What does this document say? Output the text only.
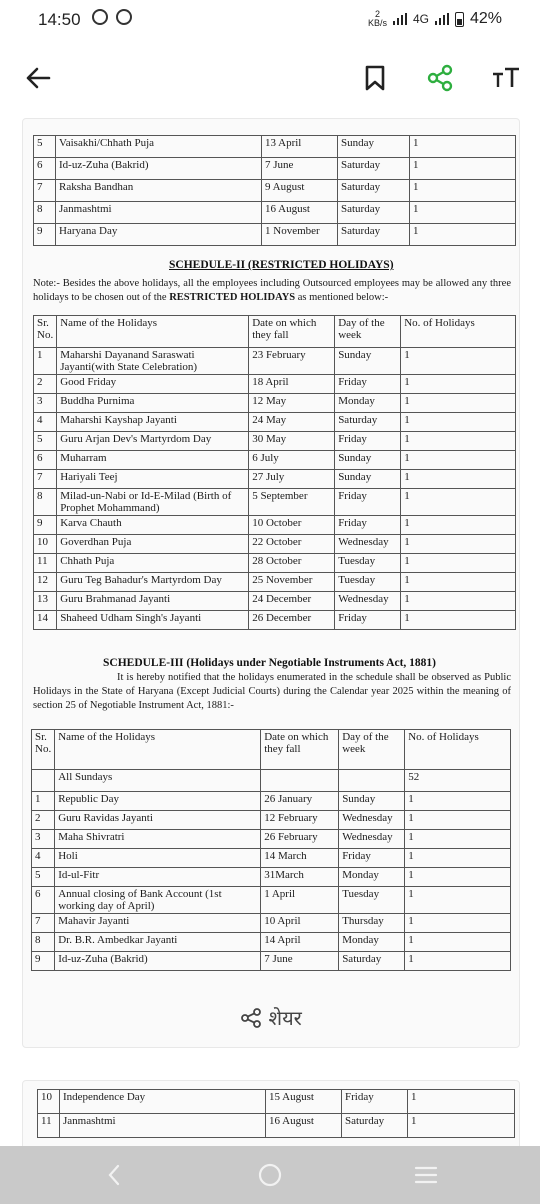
14:50	2
KB/s 4G	42%
5	Vaisakhi/Chhath Puja	13 April	Sunday	1
6	Id-uz-Zuha (Bakrid)	7 June	Saturday	1
7	Raksha Bandhan	9 August	Saturday	1
8	Janmashtmi	16 August	Saturday	1
9	Haryana Day	1 November	Saturday	1
SCHEDULE-II (RESTRICTED HOLIDAYS)
Note:- Besides the above holidays, all the employees including Outsourced employees may be allowed any three holidays to be chosen out of the RESTRICTED HOLIDAYS as mentioned below:-
Sr. No.	Name of the Holidays	Date on which they fall	Day of the week	No. of Holidays
1	Maharshi Dayanand Saraswati Jayanti(with State Celebration)	23 February	Sunday	1
2	Good Friday	18 April	Friday	1
3	Buddha Purnima	12 May	Monday	1
4	Maharshi Kayshap Jayanti	24 May	Saturday	1
5	Guru Arjan Dev's Martyrdom Day	30 May	Friday	1
6	Muharram	6 July	Sunday	1
7	Hariyali Teej	27 July	Sunday	1
8	Milad-un-Nabi or Id-E-Milad (Birth of Prophet Mohammand)	5 September	Friday	1
9	Karva Chauth	10 October	Friday	1
10	Goverdhan Puja	22 October	Wednesday	1
11	Chhath Puja	28 October	Tuesday	1
12	Guru Teg Bahadur's Martyrdom Day	25 November	Tuesday	1
13	Guru Brahmanad Jayanti	24 December	Wednesday	1
14	Shaheed Udham Singh's Jayanti	26 December	Friday	1
SCHEDULE-III (Holidays under Negotiable Instruments Act, 1881)
It is hereby notified that the holidays enumerated in the schedule shall be observed as Public Holidays in the State of Haryana (Except Judicial Courts) during the Calendar year 2025 within the meaning of section 25 of Negotiable Instrument Act, 1881:-
Sr. No.	Name of the Holidays	Date on which they fall	Day of the week	No. of Holidays
	All Sundays			52
1	Republic Day	26 January	Sunday	1
2	Guru Ravidas Jayanti	12 February	Wednesday	1
3	Maha Shivratri	26 February	Wednesday	1
4	Holi	14 March	Friday	1
5	Id-ul-Fitr	31March	Monday	1
6	Annual closing of Bank Account (1st working day of April)	1 April	Tuesday	1
7	Mahavir Jayanti	10 April	Thursday	1
8	Dr. B.R. Ambedkar Jayanti	14 April	Monday	1
9	Id-uz-Zuha (Bakrid)	7 June	Saturday	1
शेयर
10	Independence Day	15 August	Friday	1
11	Janmashtmi	16 August	Saturday	1
